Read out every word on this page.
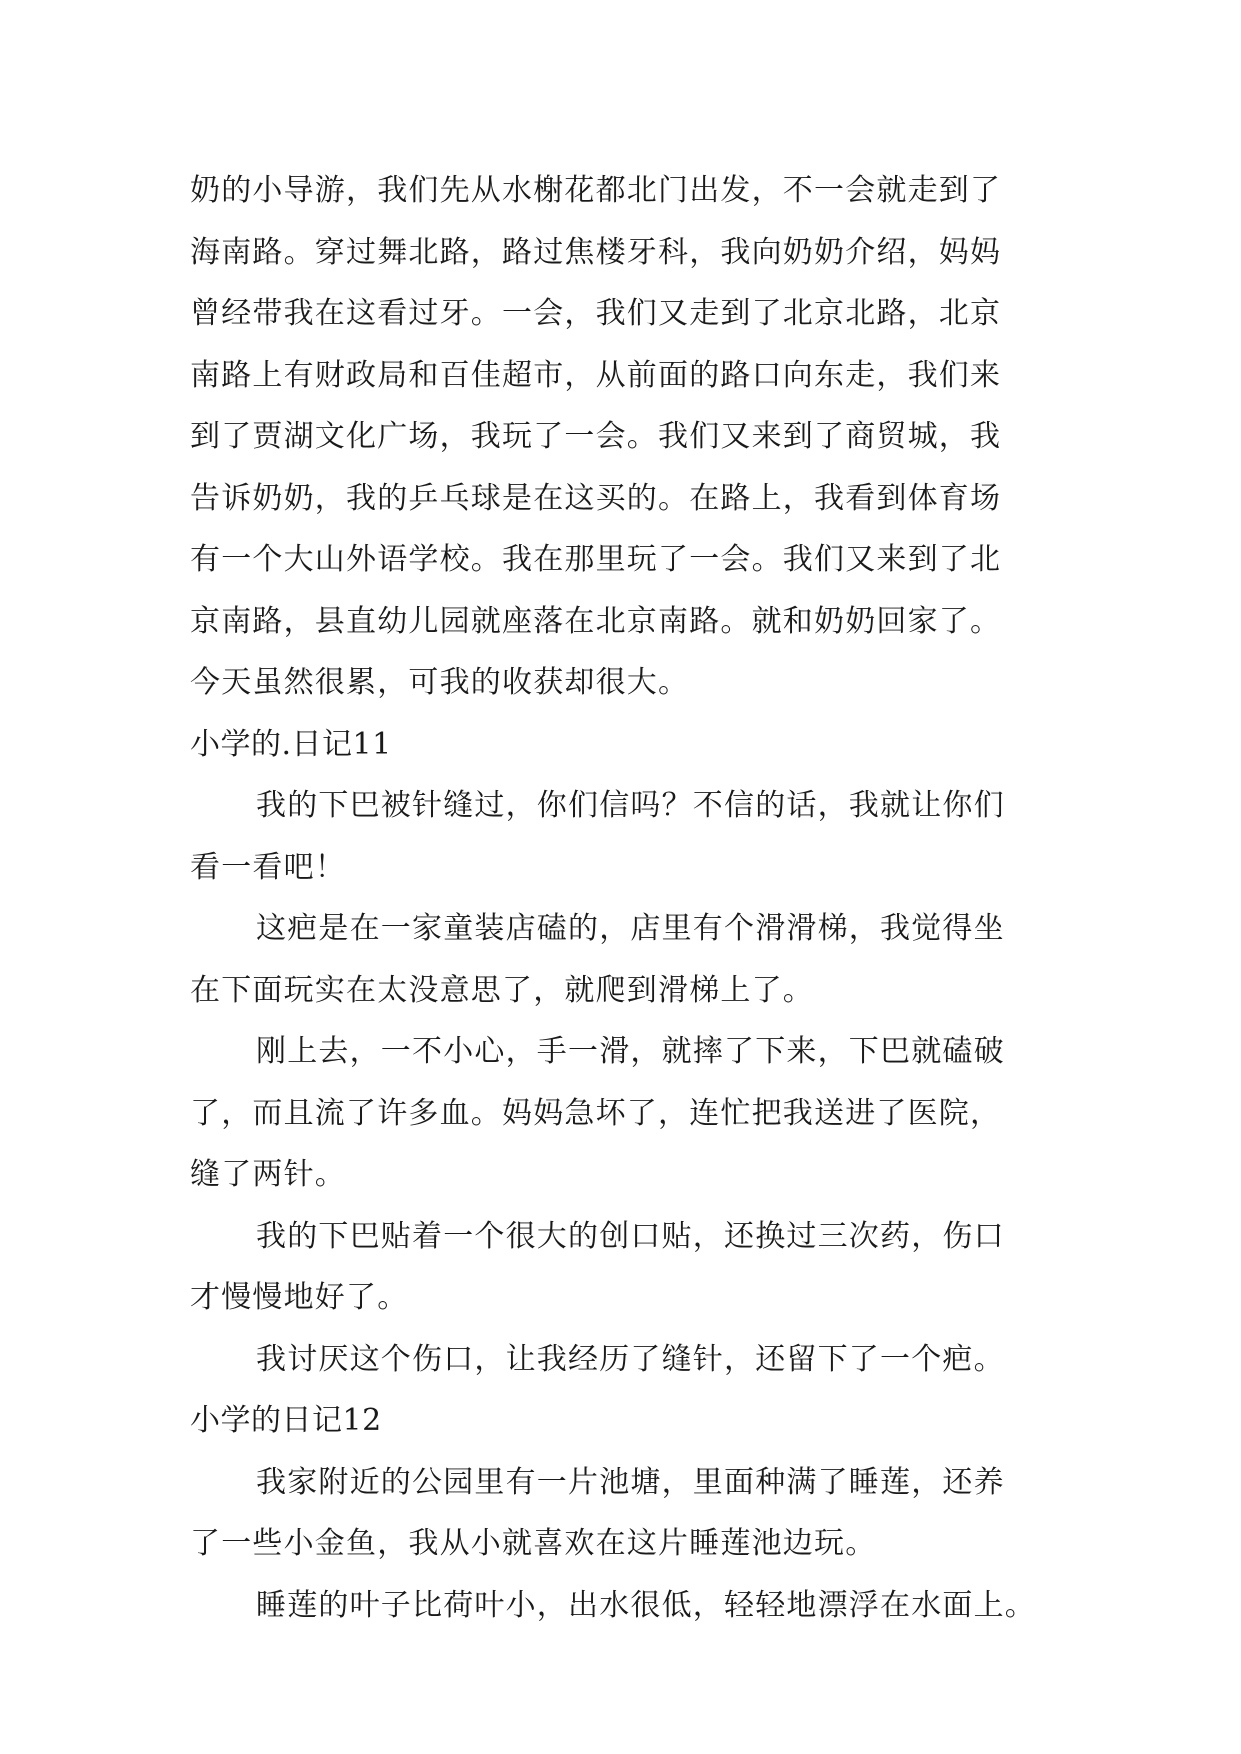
奶的小导游，我们先从水榭花都北门出发，不一会就走到了
海南路。穿过舞北路，路过焦楼牙科，我向奶奶介绍，妈妈
曾经带我在这看过牙。一会，我们又走到了北京北路，北京
南路上有财政局和百佳超市，从前面的路口向东走，我们来
到了贾湖文化广场，我玩了一会。我们又来到了商贸城，我
告诉奶奶，我的乒乓球是在这买的。在路上，我看到体育场
有一个大山外语学校。我在那里玩了一会。我们又来到了北
京南路，县直幼儿园就座落在北京南路。就和奶奶回家了。
今天虽然很累，可我的收获却很大。
小学的.日记11
我的下巴被针缝过，你们信吗？不信的话，我就让你们
看一看吧！
这疤是在一家童装店磕的，店里有个滑滑梯，我觉得坐
在下面玩实在太没意思了，就爬到滑梯上了。
刚上去，一不小心，手一滑，就摔了下来，下巴就磕破
了，而且流了许多血。妈妈急坏了，连忙把我送进了医院，
缝了两针。
我的下巴贴着一个很大的创口贴，还换过三次药，伤口
才慢慢地好了。
我讨厌这个伤口，让我经历了缝针，还留下了一个疤。
小学的日记12
我家附近的公园里有一片池塘，里面种满了睡莲，还养
了一些小金鱼，我从小就喜欢在这片睡莲池边玩。
睡莲的叶子比荷叶小，出水很低，轻轻地漂浮在水面上。
